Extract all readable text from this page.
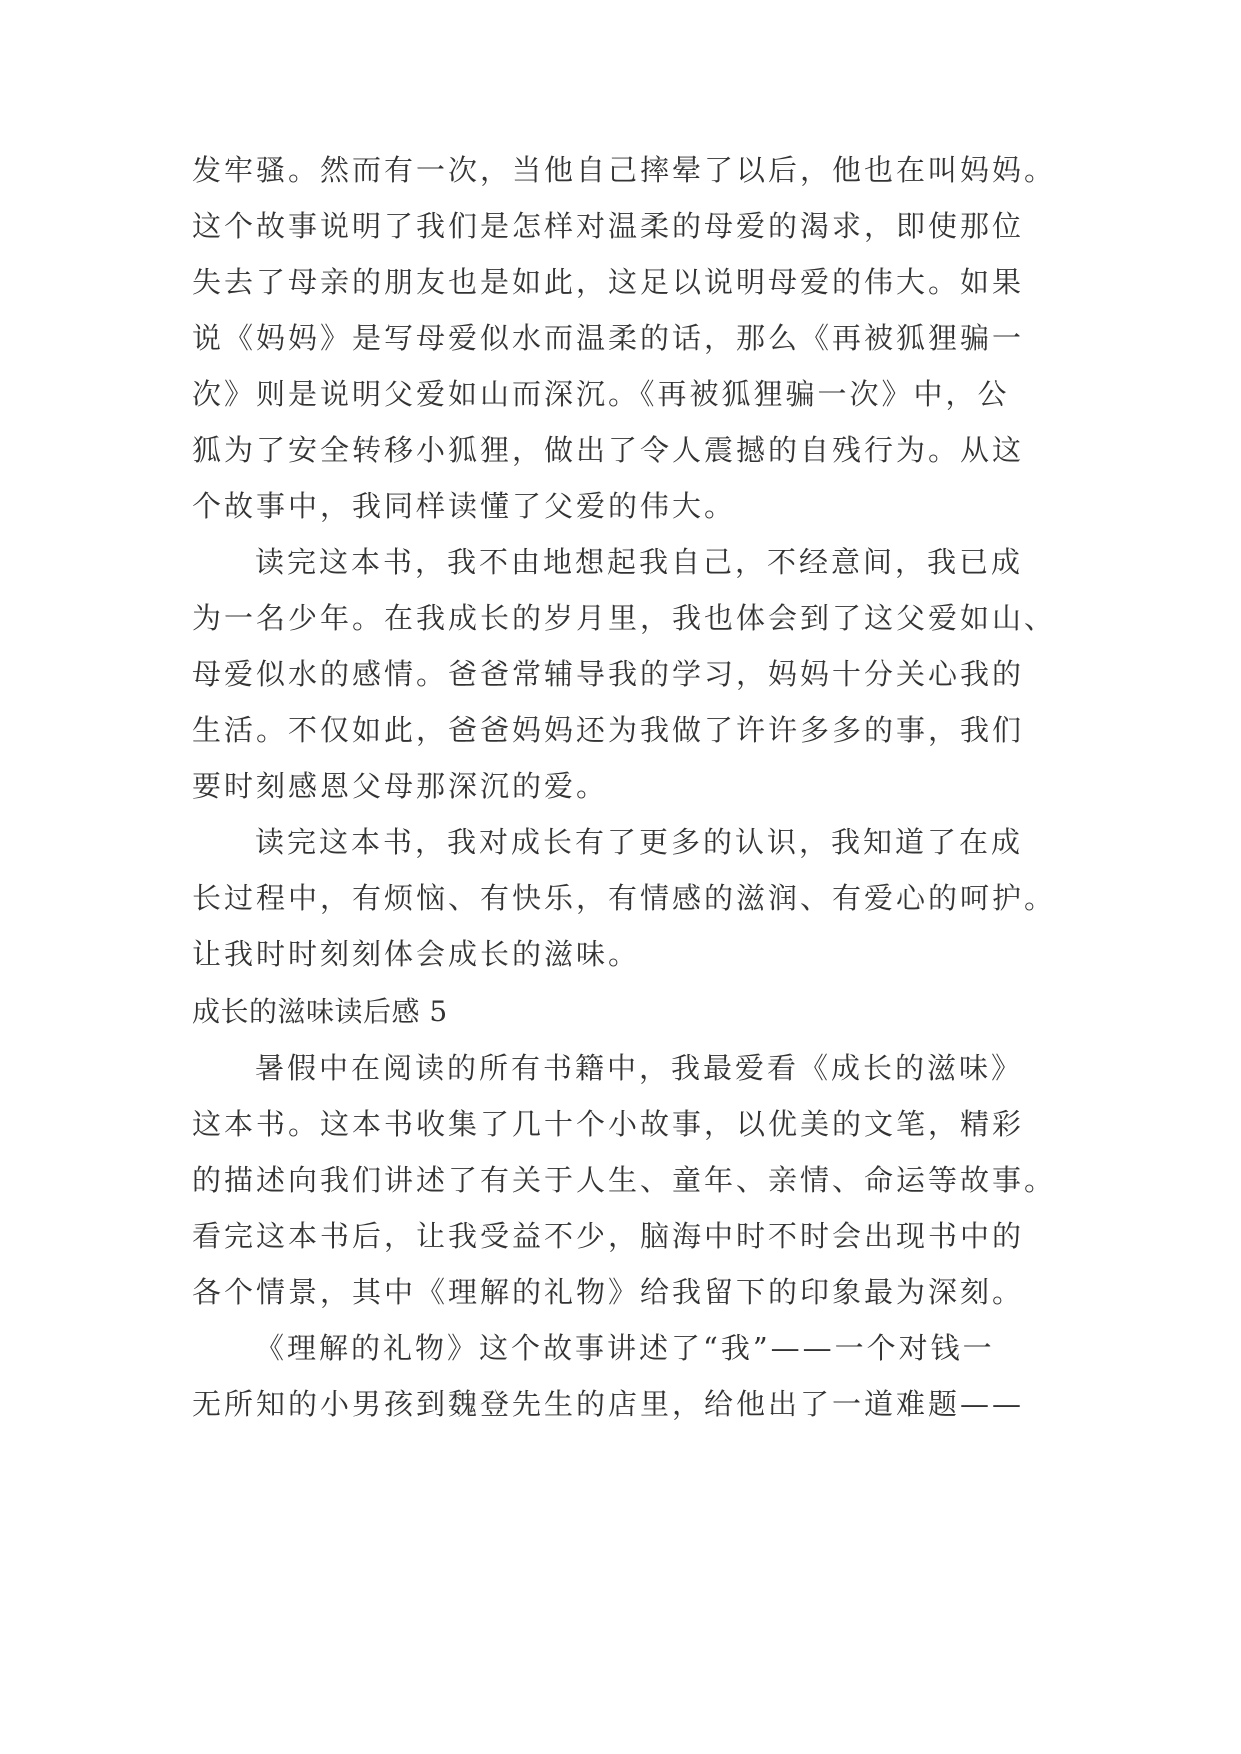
发牢骚。然而有一次，当他自己摔晕了以后，他也在叫妈妈。
这个故事说明了我们是怎样对温柔的母爱的渴求，即使那位
失去了母亲的朋友也是如此，这足以说明母爱的伟大。如果
说《妈妈》是写母爱似水而温柔的话，那么《再被狐狸骗一
次》则是说明父爱如山而深沉。《再被狐狸骗一次》中，公
狐为了安全转移小狐狸，做出了令人震撼的自残行为。从这
个故事中，我同样读懂了父爱的伟大。
读完这本书，我不由地想起我自己，不经意间，我已成
为一名少年。在我成长的岁月里，我也体会到了这父爱如山、
母爱似水的感情。爸爸常辅导我的学习，妈妈十分关心我的
生活。不仅如此，爸爸妈妈还为我做了许许多多的事，我们
要时刻感恩父母那深沉的爱。
读完这本书，我对成长有了更多的认识，我知道了在成
长过程中，有烦恼、有快乐，有情感的滋润、有爱心的呵护。
让我时时刻刻体会成长的滋味。
成长的滋味读后感 5
暑假中在阅读的所有书籍中，我最爱看《成长的滋味》
这本书。这本书收集了几十个小故事，以优美的文笔，精彩
的描述向我们讲述了有关于人生、童年、亲情、命运等故事。
看完这本书后，让我受益不少，脑海中时不时会出现书中的
各个情景，其中《理解的礼物》给我留下的印象最为深刻。
《理解的礼物》这个故事讲述了“我”——一个对钱一
无所知的小男孩到魏登先生的店里，给他出了一道难题——
